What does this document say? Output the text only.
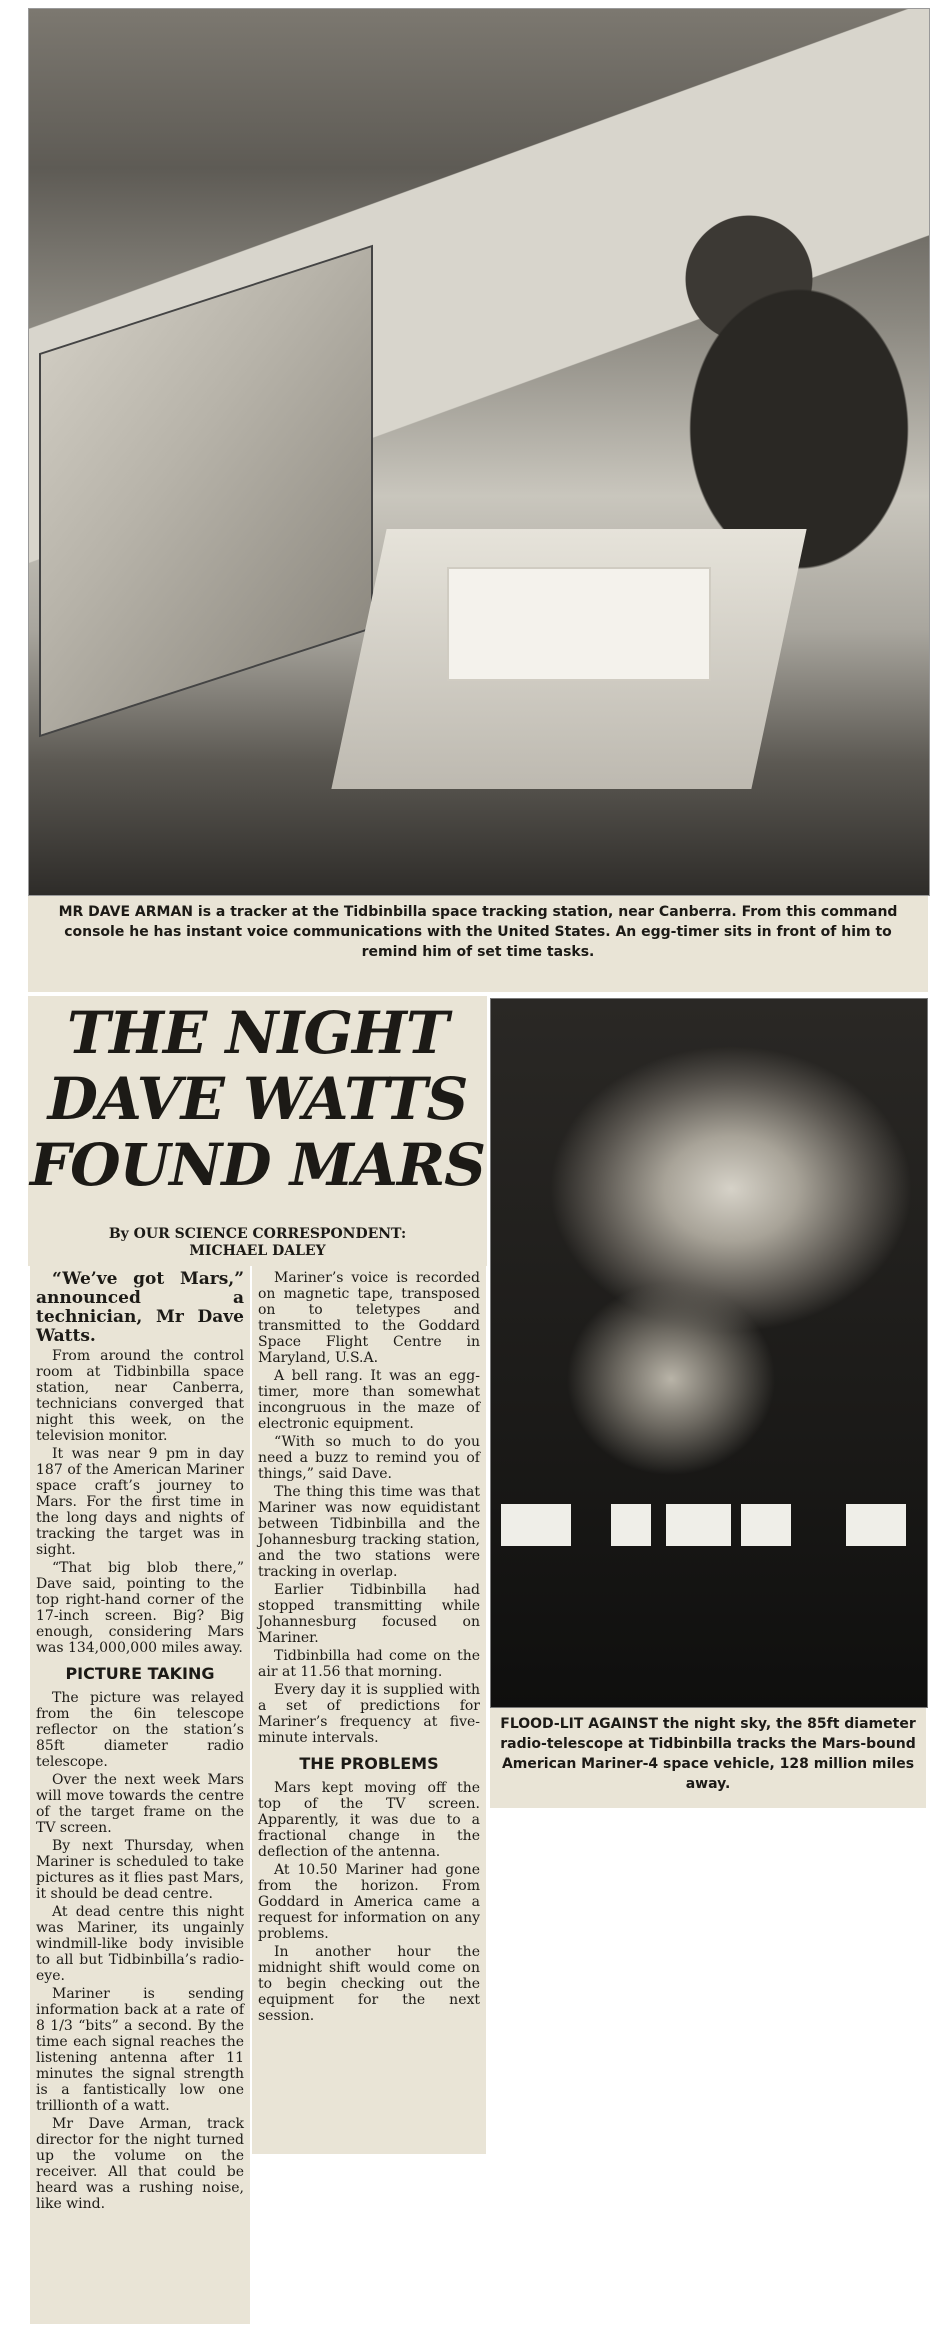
MR DAVE ARMAN is a tracker at the Tidbinbilla space tracking station, near Canberra. From this command console he has instant voice communications with the United States. An egg-timer sits in front of him to remind him of set time tasks.
THE NIGHT
DAVE WATTS
FOUND MARS
By OUR SCIENCE CORRESPONDENT:
MICHAEL DALEY
FLOOD-LIT AGAINST the night sky, the 85ft diameter radio-telescope at Tidbinbilla tracks the Mars-bound American Mariner-4 space vehicle, 128 million miles away.

“We’ve got Mars,” announced a technician, Mr Dave Watts.

From around the control room at Tidbinbilla space station, near Canberra, technicians converged that night this week, on the television monitor.

It was near 9 pm in day 187 of the American Mariner space craft’s journey to Mars. For the first time in the long days and nights of tracking the target was in sight.

“That big blob there,” Dave said, pointing to the top right-hand corner of the 17-inch screen. Big? Big enough, considering Mars was 134,000,000 miles away.

PICTURE TAKING

The picture was relayed from the 6in telescope reflector on the station’s 85ft diameter radio telescope.

Over the next week Mars will move towards the centre of the target frame on the TV screen.

By next Thursday, when Mariner is scheduled to take pictures as it flies past Mars, it should be dead centre.

At dead centre this night was Mariner, its ungainly windmill-like body invisible to all but Tidbinbilla’s radio-eye.

Mariner is sending information back at a rate of 8 1/3 “bits” a second. By the time each signal reaches the listening antenna after 11 minutes the signal strength is a fantistically low one trillionth of a watt.

Mr Dave Arman, track director for the night turned up the volume on the receiver. All that could be heard was a rushing noise, like wind.

Mariner’s voice is recorded on magnetic tape, transposed on to teletypes and transmitted to the Goddard Space Flight Centre in Maryland, U.S.A.

A bell rang. It was an egg-timer, more than somewhat incongruous in the maze of electronic equipment.

“With so much to do you need a buzz to remind you of things,” said Dave.

The thing this time was that Mariner was now equidistant between Tidbinbilla and the Johannesburg tracking station, and the two stations were tracking in overlap.

Earlier Tidbinbilla had stopped transmitting while Johannesburg focused on Mariner.

Tidbinbilla had come on the air at 11.56 that morning.

Every day it is supplied with a set of predictions for Mariner’s frequency at five-minute intervals.

THE PROBLEMS

Mars kept moving off the top of the TV screen. Apparently, it was due to a fractional change in the deflection of the antenna.

At 10.50 Mariner had gone from the horizon. From Goddard in America came a request for information on any problems.

In another hour the midnight shift would come on to begin checking out the equipment for the next session.
